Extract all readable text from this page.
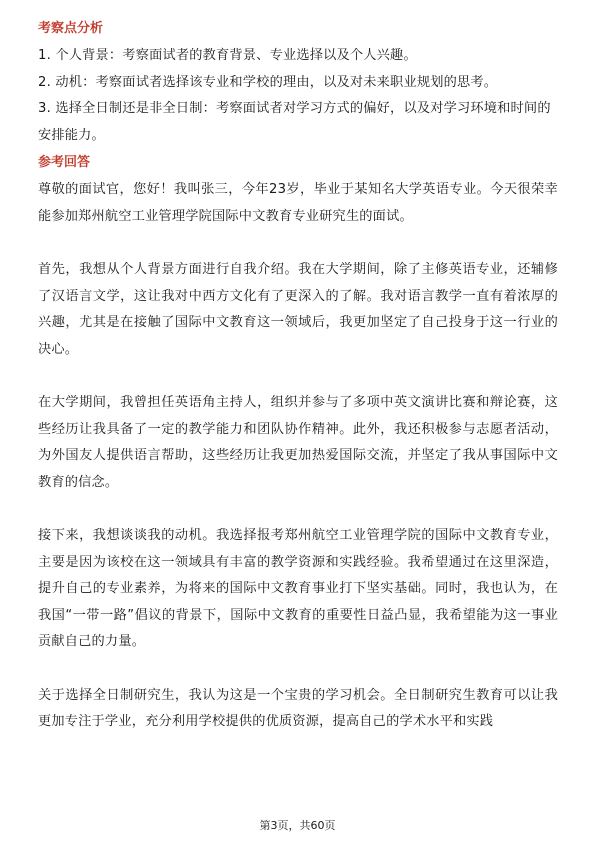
考察点分析

1. 个人背景：考察面试者的教育背景、专业选择以及个人兴趣。

2. 动机：考察面试者选择该专业和学校的理由，以及对未来职业规划的思考。

3. 选择全日制还是非全日制：考察面试者对学习方式的偏好，以及对学习环境和时间的安排能力。

参考回答

尊敬的面试官，您好！我叫张三，今年23岁，毕业于某知名大学英语专业。今天很荣幸能参加郑州航空工业管理学院国际中文教育专业研究生的面试。

首先，我想从个人背景方面进行自我介绍。我在大学期间，除了主修英语专业，还辅修了汉语言文学，这让我对中西方文化有了更深入的了解。我对语言教学一直有着浓厚的兴趣，尤其是在接触了国际中文教育这一领域后，我更加坚定了自己投身于这一行业的决心。

在大学期间，我曾担任英语角主持人，组织并参与了多项中英文演讲比赛和辩论赛，这些经历让我具备了一定的教学能力和团队协作精神。此外，我还积极参与志愿者活动，为外国友人提供语言帮助，这些经历让我更加热爱国际交流，并坚定了我从事国际中文教育的信念。

接下来，我想谈谈我的动机。我选择报考郑州航空工业管理学院的国际中文教育专业，主要是因为该校在这一领域具有丰富的教学资源和实践经验。我希望通过在这里深造，提升自己的专业素养，为将来的国际中文教育事业打下坚实基础。同时，我也认为，在我国“一带一路”倡议的背景下，国际中文教育的重要性日益凸显，我希望能为这一事业贡献自己的力量。

关于选择全日制研究生，我认为这是一个宝贵的学习机会。全日制研究生教育可以让我更加专注于学业，充分利用学校提供的优质资源，提高自己的学术水平和实践

第3页，共60页
